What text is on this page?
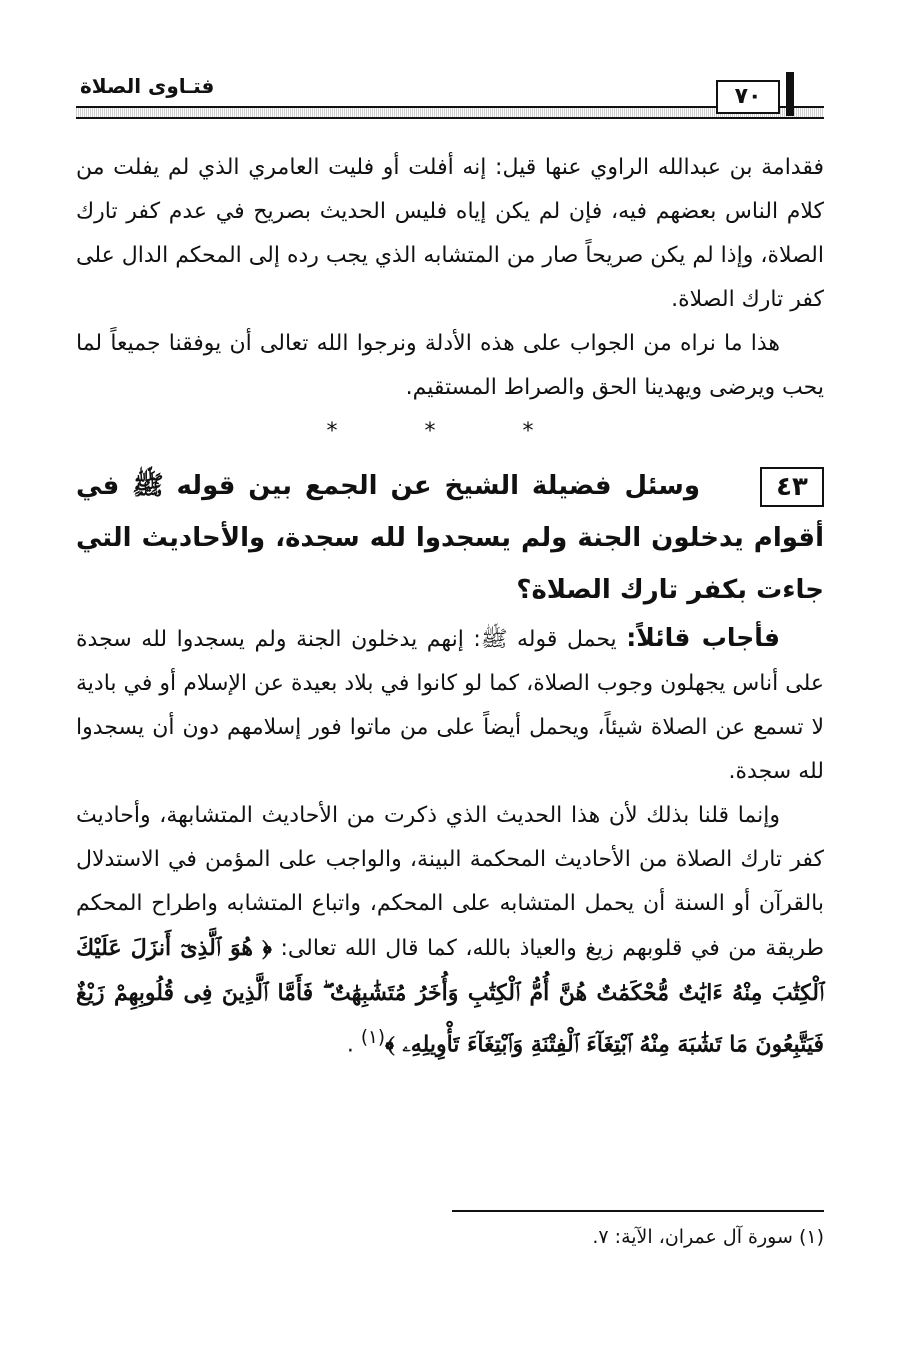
فتـاوى الصلاة	٧٠

فقدامة بن عبدالله الراوي عنها قيل: إنه أفلت أو فليت العامري الذي لم يفلت من كلام الناس بعضهم فيه، فإن لم يكن إياه فليس الحديث بصريح في عدم كفر تارك الصلاة، وإذا لم يكن صريحاً صار من المتشابه الذي يجب رده إلى المحكم الدال على كفر تارك الصلاة.

هذا ما نراه من الجواب على هذه الأدلة ونرجوا الله تعالى أن يوفقنا جميعاً لما يحب ويرضى ويهدينا الحق والصراط المستقيم.

* * *

٤٣وسئل فضيلة الشيخ عن الجمع بين قوله ﷺ في أقوام يدخلون الجنة ولم يسجدوا لله سجدة، والأحاديث التي جاءت بكفر تارك الصلاة؟

فأجاب قائلاً: يحمل قوله ﷺ: إنهم يدخلون الجنة ولم يسجدوا لله سجدة على أناس يجهلون وجوب الصلاة، كما لو كانوا في بلاد بعيدة عن الإسلام أو في بادية لا تسمع عن الصلاة شيئاً، ويحمل أيضاً على من ماتوا فور إسلامهم دون أن يسجدوا لله سجدة.

وإنما قلنا بذلك لأن هذا الحديث الذي ذكرت من الأحاديث المتشابهة، وأحاديث كفر تارك الصلاة من الأحاديث المحكمة البينة، والواجب على المؤمن في الاستدلال بالقرآن أو السنة أن يحمل المتشابه على المحكم، واتباع المتشابه واطراح المحكم طريقة من في قلوبهم زيغ والعياذ بالله، كما قال الله تعالى: ﴿ هُوَ ٱلَّذِىٓ أَنزَلَ عَلَيْكَ ٱلْكِتَٰبَ مِنْهُ ءَايَٰتٌ مُّحْكَمَٰتٌ هُنَّ أُمُّ ٱلْكِتَٰبِ وَأُخَرُ مُتَشَٰبِهَٰتٌ ۖ فَأَمَّا ٱلَّذِينَ فِى قُلُوبِهِمْ زَيْغٌ فَيَتَّبِعُونَ مَا تَشَٰبَهَ مِنْهُ ٱبْتِغَآءَ ٱلْفِتْنَةِ وَٱبْتِغَآءَ تَأْوِيلِهِۦ ﴾$^{(١)}$ .

(١) سورة آل عمران، الآية: ٧.
